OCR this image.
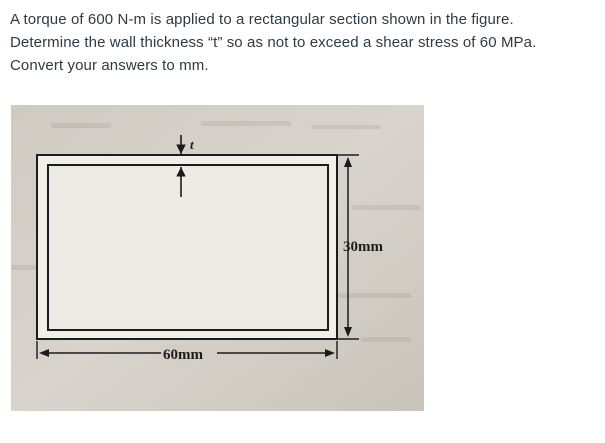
A torque of 600 N-m is applied to a rectangular section shown in the figure.

Determine the wall thickness “t” so as not to exceed a shear stress of 60 MPa.

Convert your answers to mm.

t
30mm
60mm
